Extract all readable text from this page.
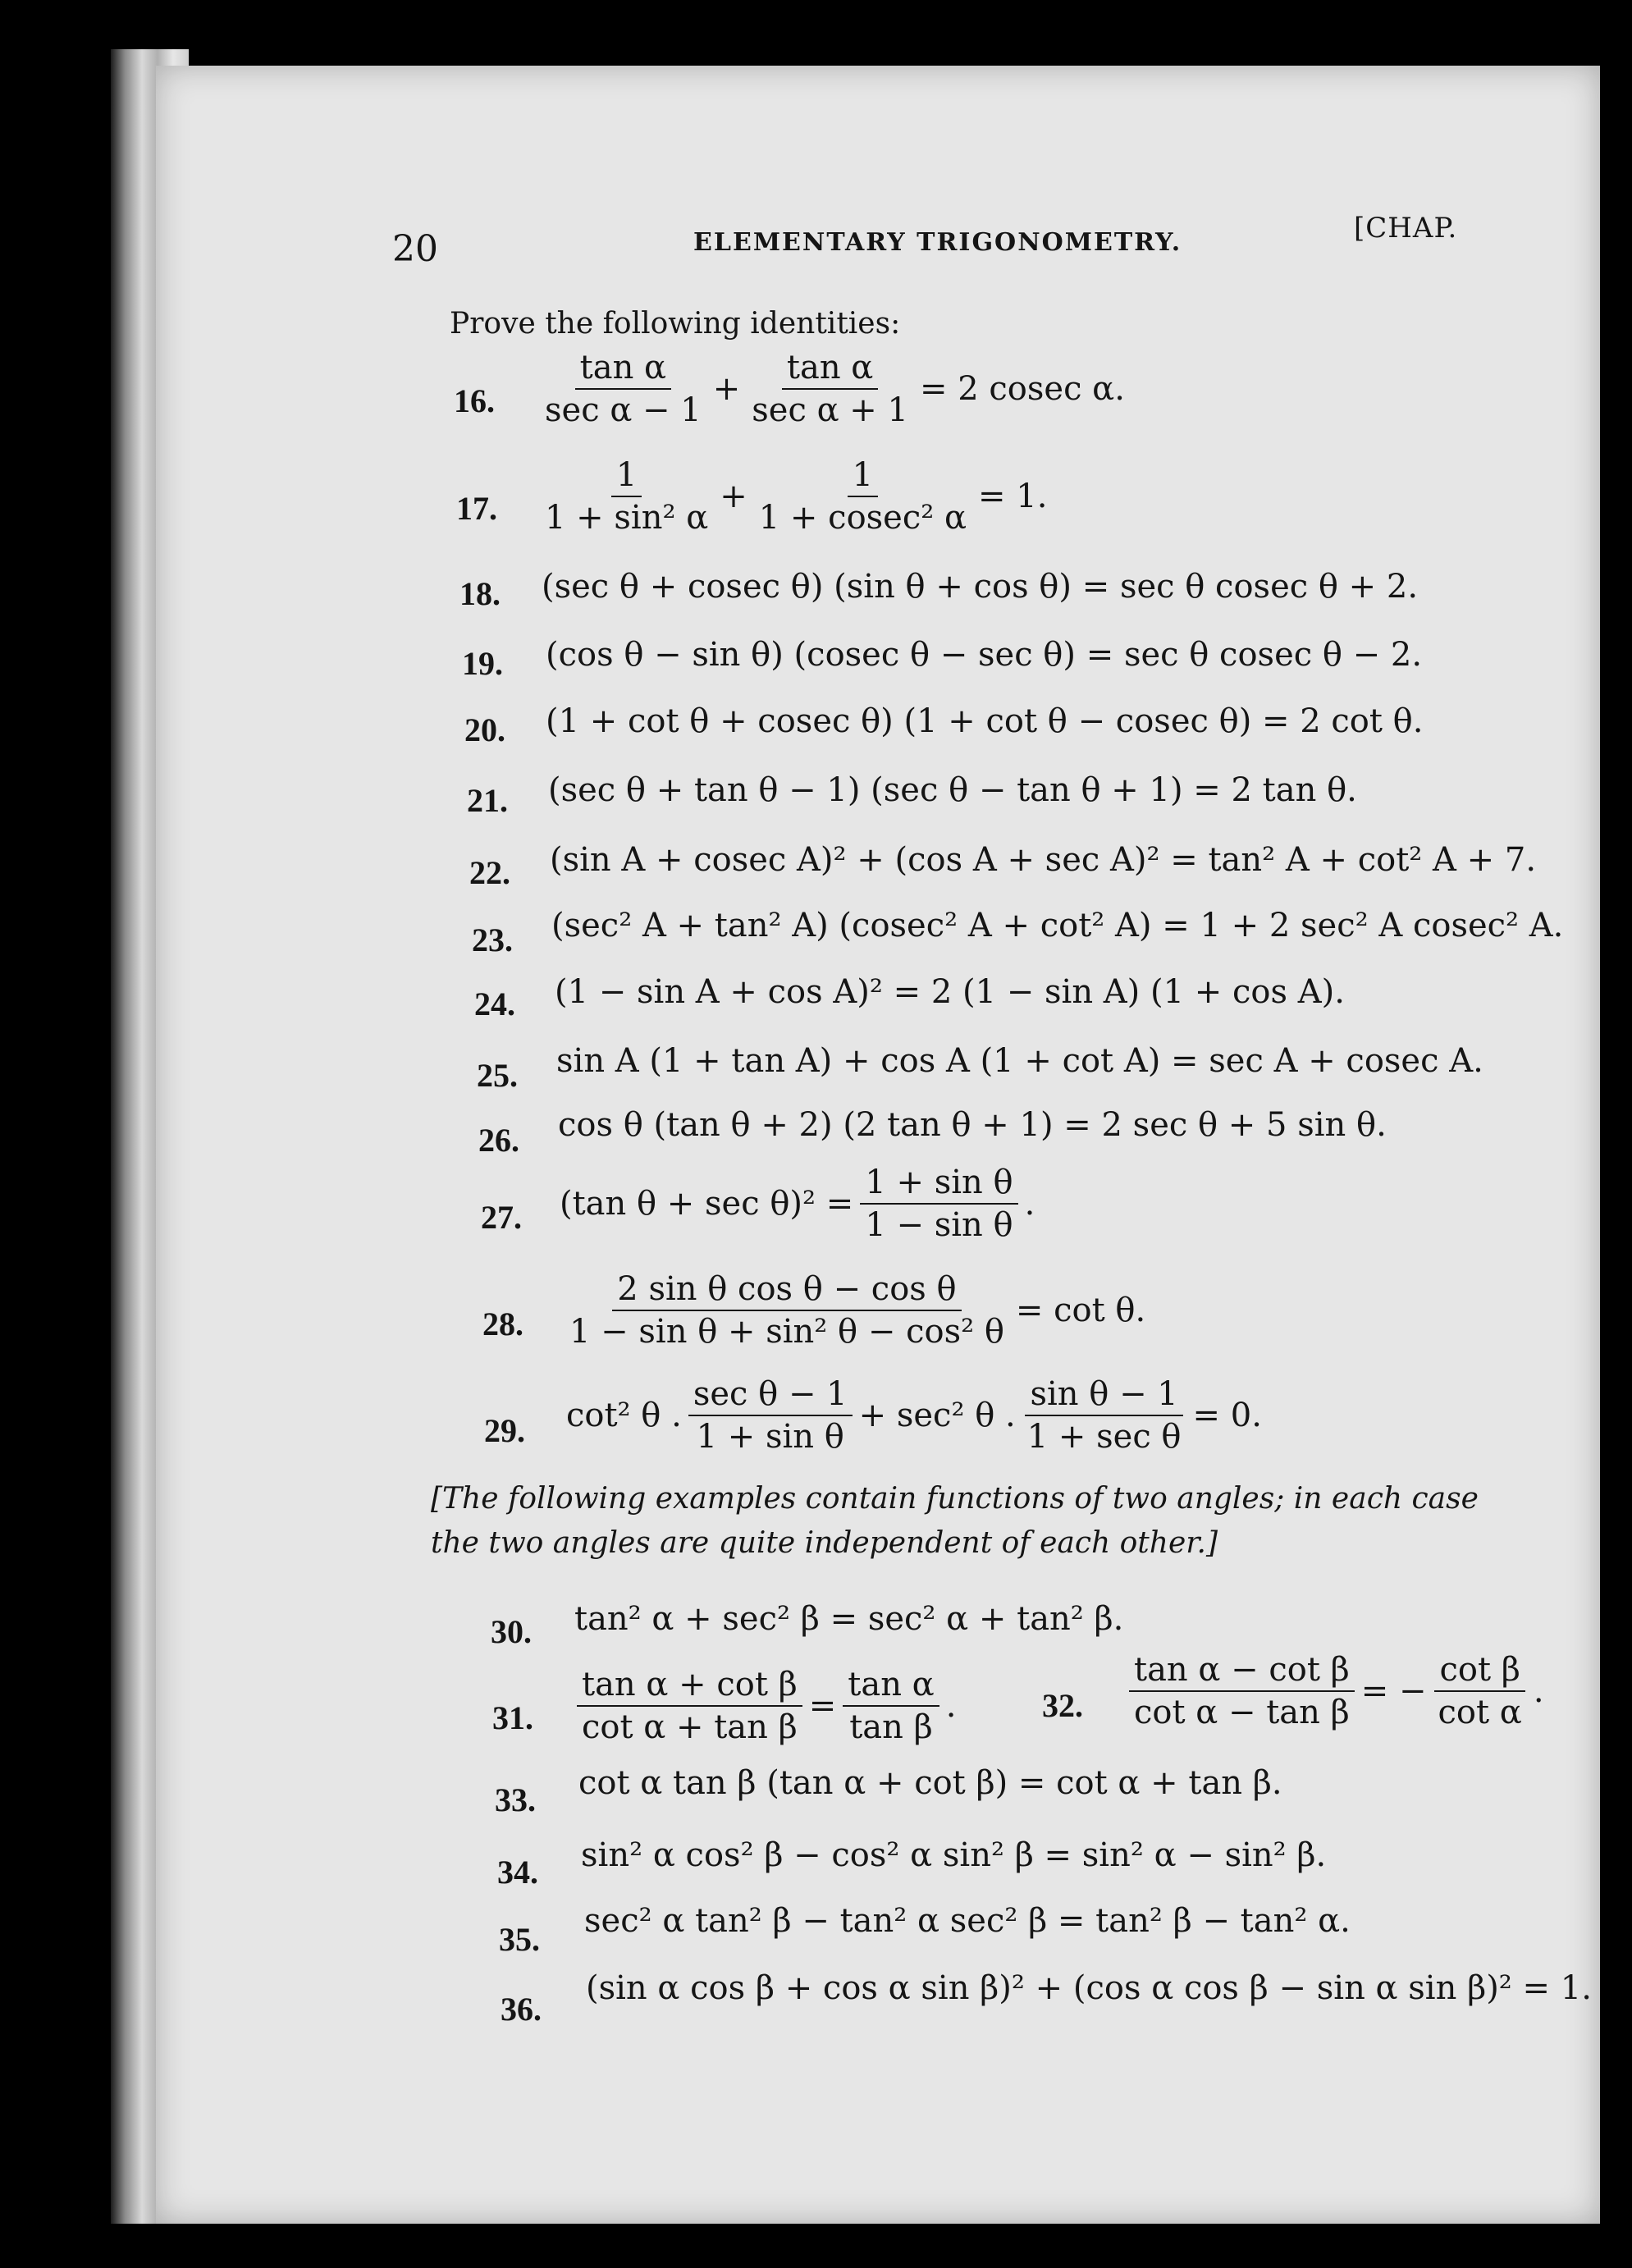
20	ELEMENTARY TRIGONOMETRY.	[CHAP.
Prove the following identities:
16. $\frac{\text{tan α}}{\text{sec α − 1}} + \frac{\text{tan α}}{\text{sec α + 1}} = 2$ cosec α.
17. $\frac{1}{\text{1 + sin² α}} + \frac{1}{\text{1 + cosec² α}} = 1$.
18. (sec θ + cosec θ) (sin θ + cos θ) = sec θ cosec θ + 2.
19. (cos θ − sin θ) (cosec θ − sec θ) = sec θ cosec θ − 2.
20. (1 + cot θ + cosec θ) (1 + cot θ − cosec θ) = 2 cot θ.
21. (sec θ + tan θ − 1) (sec θ − tan θ + 1) = 2 tan θ.
22. (sin A + cosec A)² + (cos A + sec A)² = tan² A + cot² A + 7.
23. (sec² A + tan² A) (cosec² A + cot² A) = 1 + 2 sec² A cosec² A.
24. (1 − sin A + cos A)² = 2 (1 − sin A) (1 + cos A).
25. sin A (1 + tan A) + cos A (1 + cot A) = sec A + cosec A.
26. cos θ (tan θ + 2) (2 tan θ + 1) = 2 sec θ + 5 sin θ.
27. (tan $\theta + \sec \theta)^2 = \frac{\text{1 + sin θ}}{\text{1 − sin θ}}$ .
28. $\frac{\text{2 sin θ cos θ − cos θ}}{\text{1 − sin θ + sin² θ − cos² θ}} = \cot \theta$.
29. cot² θ . $\frac{\text{sec θ − 1}}{\text{1 + sin θ}} + \sec^2$ θ . $\frac{\text{sin θ − 1}}{\text{1 + sec θ}} = 0$.
[The following examples contain functions of two angles; in each case the two angles are quite independent of each other.]
30. tan² α + sec² β = sec² α + tan² β.
31. $\frac{\text{tan α + cot β}}{\text{cot α + tan β}} = \frac{\text{tan α}}{\text{tan β}}$ .	32. $\frac{\text{tan α − cot β}}{\text{cot α − tan β}}$ = − $\frac{\text{cot β}}{\text{cot α}}$ .
33. cot α tan β (tan α + cot β) = cot α + tan β.
34. sin² α cos² β − cos² α sin² β = sin² α − sin² β.
35. sec² α tan² β − tan² α sec² β = tan² β − tan² α.
36.
(sin α cos β + cos α sin β)² + (cos α cos β − sin α sin β)² = 1.
